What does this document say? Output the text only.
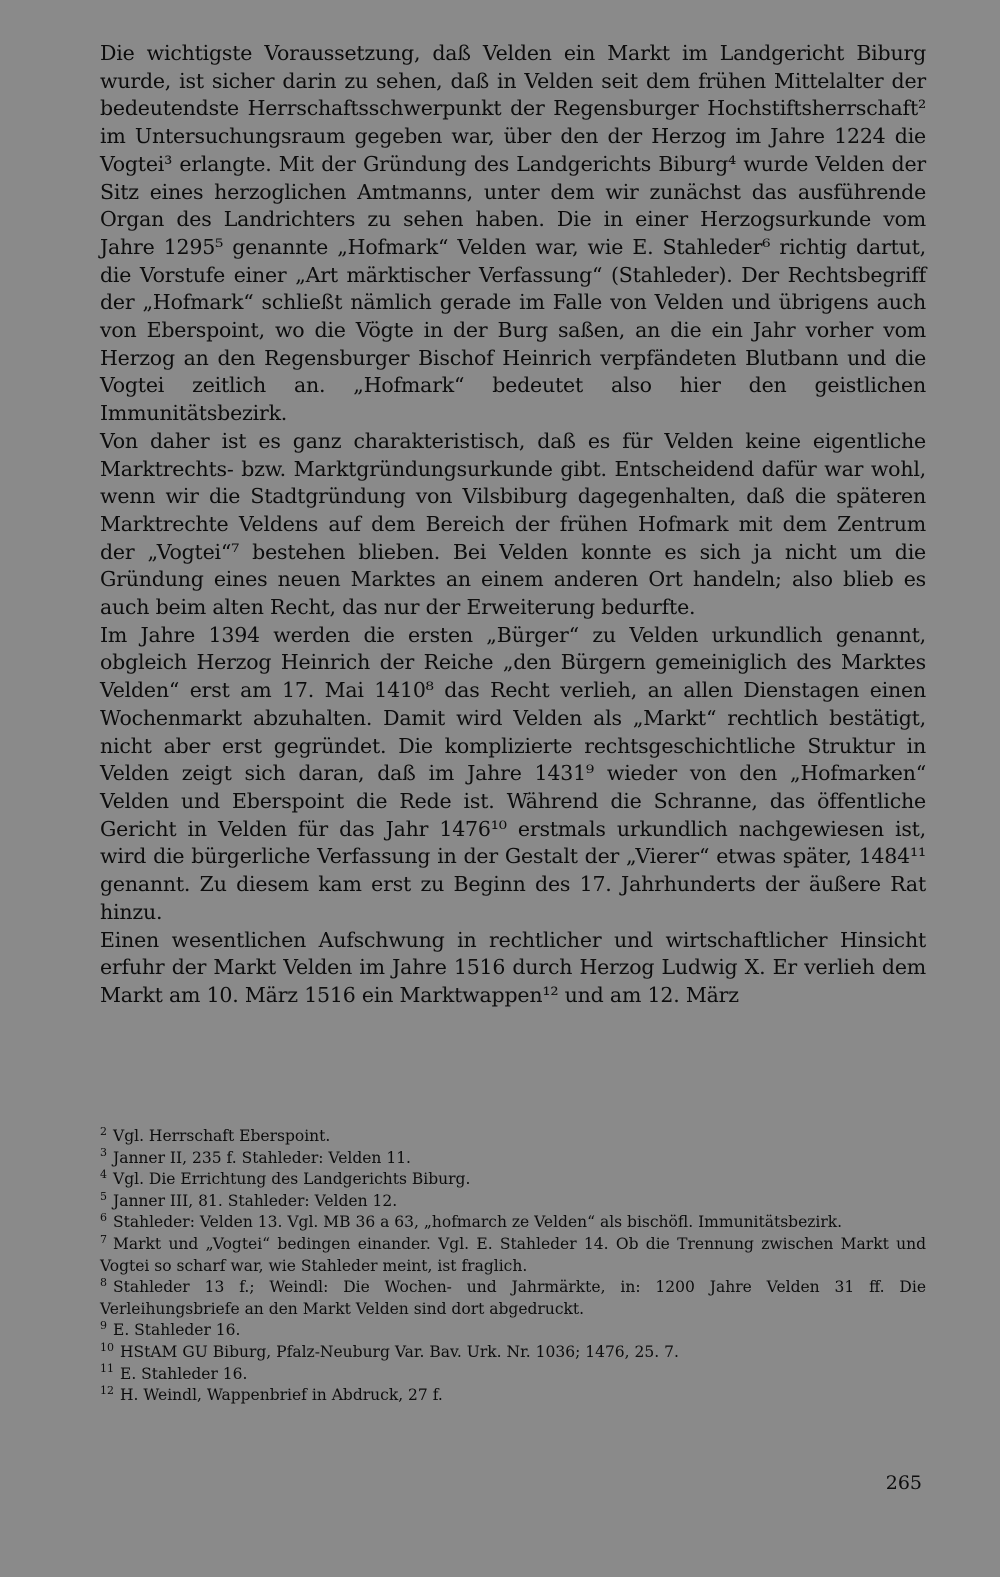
Die wichtigste Voraussetzung, daß Velden ein Markt im Landgericht Biburg wurde, ist sicher darin zu sehen, daß in Velden seit dem frühen Mittelalter der bedeutendste Herrschaftsschwerpunkt der Regensburger Hochstiftsherrschaft² im Untersuchungsraum gegeben war, über den der Herzog im Jahre 1224 die Vogtei³ erlangte. Mit der Gründung des Landgerichts Biburg⁴ wurde Velden der Sitz eines herzoglichen Amtmanns, unter dem wir zunächst das ausführende Organ des Landrichters zu sehen haben. Die in einer Herzogsurkunde vom Jahre 1295⁵ genannte „Hofmark“ Velden war, wie E. Stahleder⁶ richtig dartut, die Vorstufe einer „Art märktischer Verfassung“ (Stahleder). Der Rechtsbegriff der „Hofmark“ schließt nämlich gerade im Falle von Velden und übrigens auch von Eberspoint, wo die Vögte in der Burg saßen, an die ein Jahr vorher vom Herzog an den Regensburger Bischof Heinrich verpfändeten Blutbann und die Vogtei zeitlich an. „Hofmark“ bedeutet also hier den geistlichen Immunitätsbezirk.

Von daher ist es ganz charakteristisch, daß es für Velden keine eigentliche Marktrechts- bzw. Marktgründungsurkunde gibt. Entscheidend dafür war wohl, wenn wir die Stadtgründung von Vilsbiburg dagegenhalten, daß die späteren Marktrechte Veldens auf dem Bereich der frühen Hofmark mit dem Zentrum der „Vogtei“⁷ bestehen blieben. Bei Velden konnte es sich ja nicht um die Gründung eines neuen Marktes an einem anderen Ort handeln; also blieb es auch beim alten Recht, das nur der Erweiterung bedurfte.

Im Jahre 1394 werden die ersten „Bürger“ zu Velden urkundlich genannt, obgleich Herzog Heinrich der Reiche „den Bürgern gemeiniglich des Marktes Velden“ erst am 17. Mai 1410⁸ das Recht verlieh, an allen Dienstagen einen Wochenmarkt abzuhalten. Damit wird Velden als „Markt“ rechtlich bestätigt, nicht aber erst gegründet. Die komplizierte rechtsgeschichtliche Struktur in Velden zeigt sich daran, daß im Jahre 1431⁹ wieder von den „Hofmarken“ Velden und Eberspoint die Rede ist. Während die Schranne, das öffentliche Gericht in Velden für das Jahr 1476¹⁰ erstmals urkundlich nachgewiesen ist, wird die bürgerliche Verfassung in der Gestalt der „Vierer“ etwas später, 1484¹¹ genannt. Zu diesem kam erst zu Beginn des 17. Jahrhunderts der äußere Rat hinzu.

Einen wesentlichen Aufschwung in rechtlicher und wirtschaftlicher Hinsicht erfuhr der Markt Velden im Jahre 1516 durch Herzog Ludwig X. Er verlieh dem Markt am 10. März 1516 ein Marktwappen¹² und am 12. März

$^2$ Vgl. Herrschaft Eberspoint.

$^3$ Janner II, 235 f. Stahleder: Velden 11.

$^4$ Vgl. Die Errichtung des Landgerichts Biburg.

$^5$ Janner III, 81. Stahleder: Velden 12.

$^6$ Stahleder: Velden 13. Vgl. MB 36 a 63, „hofmarch ze Velden“ als bischöfl. Immunitätsbezirk.

$^7$ Markt und „Vogtei“ bedingen einander. Vgl. E. Stahleder 14. Ob die Trennung zwischen Markt und Vogtei so scharf war, wie Stahleder meint, ist fraglich.

$^8$ Stahleder 13 f.; Weindl: Die Wochen- und Jahrmärkte, in: 1200 Jahre Velden 31 ff. Die Verleihungsbriefe an den Markt Velden sind dort abgedruckt.

$^9$ E. Stahleder 16.

$^{10}$ HStAM GU Biburg, Pfalz-Neuburg Var. Bav. Urk. Nr. 1036; 1476, 25. 7.

$^{11}$ E. Stahleder 16.

$^{12}$ H. Weindl, Wappenbrief in Abdruck, 27 f.

265
